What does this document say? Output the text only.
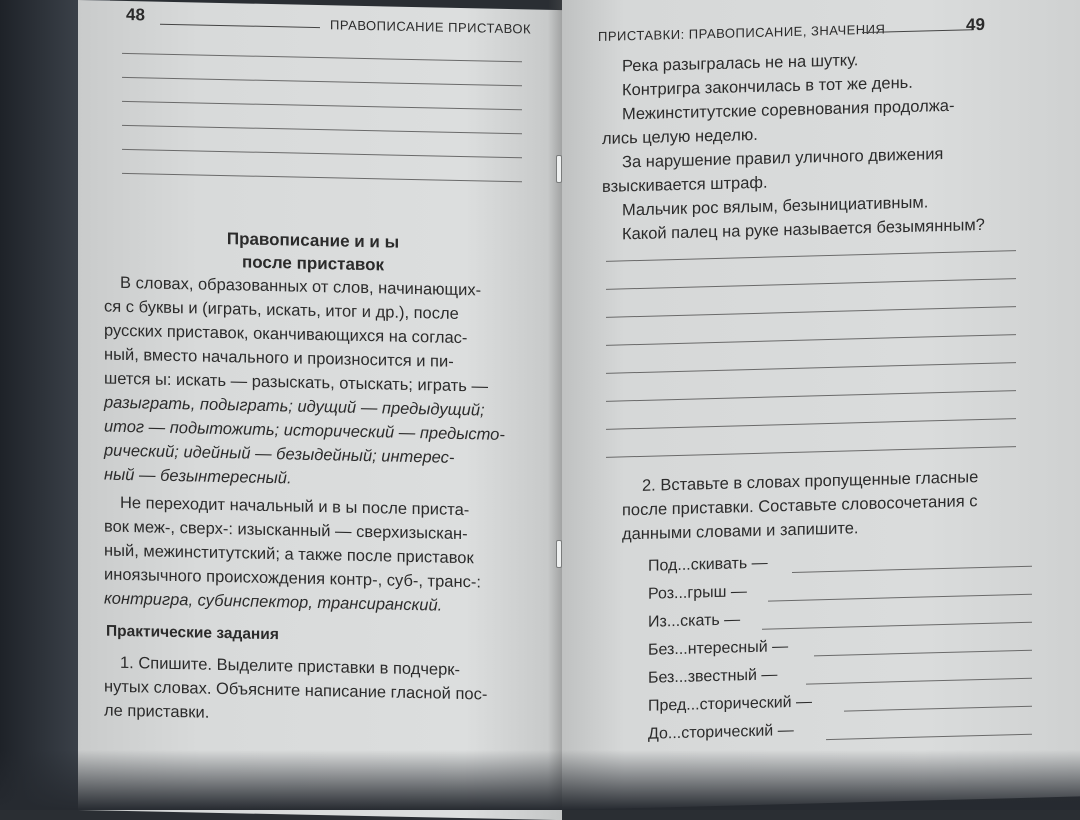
48
ПРАВОПИСАНИЕ ПРИСТАВОК
Правописание и и ы
после приставок
В словах, образованных от слов, начинающих-
ся с буквы и (играть, искать, итог и др.), после
русских приставок, оканчивающихся на соглас-
ный, вместо начального и произносится и пи-
шется ы: искать — разыскать, отыскать; играть —
разыграть, подыграть; идущий — предыдущий;
итог — подытожить; исторический — предысто-
рический; идейный — безыдейный; интерес-
ный — безынтересный.
Не переходит начальный и в ы после приста-
вок меж-, сверх-: изысканный — сверхизыскан-
ный, межинститутский; а также после приставок
иноязычного происхождения контр-, суб-, транс-:
контригра, субинспектор, трансиранский.
Практические задания
1. Спишите. Выделите приставки в подчерк-
нутых словах. Объясните написание гласной пос-
ле приставки.
ПРИСТАВКИ: ПРАВОПИСАНИЕ, ЗНАЧЕНИЯ	49
Река разыгралась не на шутку.
Контригра закончилась в тот же день.
Межинститутские соревнования продолжа-
лись целую неделю.
За нарушение правил уличного движения
взыскивается штраф.
Мальчик рос вялым, безынициативным.
Какой палец на руке называется безымянным?
2. Вставьте в словах пропущенные гласные
после приставки. Составьте словосочетания с
данными словами и запишите.
Под...скивать —
Роз...грыш —
Из...скать —
Без...нтересный —
Без...звестный —
Пред...сторический —
До...сторический —
